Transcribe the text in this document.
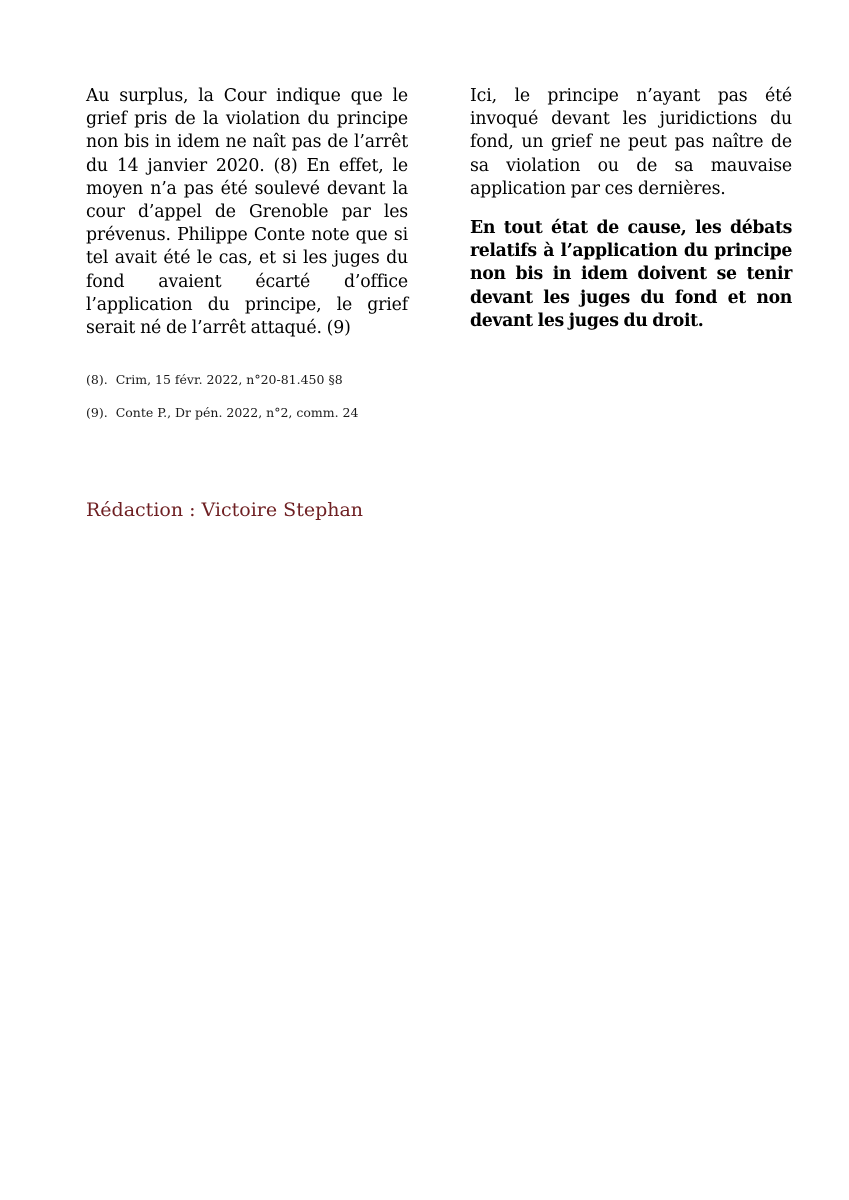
Au surplus, la Cour indique que le grief pris de la violation du principe non bis in idem ne naît pas de l’arrêt du 14 janvier 2020. (8) En effet, le moyen n’a pas été soulevé devant la cour d’appel de Grenoble par les prévenus. Philippe Conte note que si tel avait été le cas, et si les juges du fond avaient écarté d’office l’application du principe, le grief serait né de l’arrêt attaqué. (9)

Ici, le principe n’ayant pas été invoqué devant les juridictions du fond, un grief ne peut pas naître de sa violation ou de sa mauvaise application par ces dernières.

En tout état de cause, les débats relatifs à l’application du principe non bis in idem doivent se tenir devant les juges du fond et non devant les juges du droit.

(8). Crim, 15 févr. 2022, n°20-81.450 §8

(9). Conte P., Dr pén. 2022, n°2, comm. 24

Rédaction : Victoire Stephan
